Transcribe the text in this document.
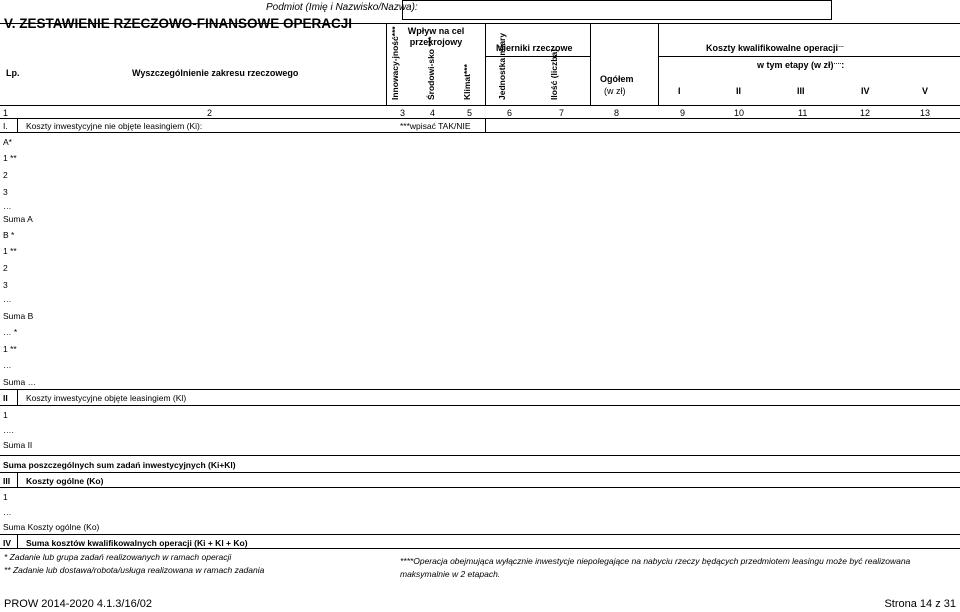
V. ZESTAWIENIE RZECZOWO-FINANSOWE OPERACJI
Podmiot (Imię i Nazwisko/Nazwa):
Lp.	Wyszczególnienie zakresu rzeczowego
Wpływ na cel przekrojowy
Innowacy-jność***	Środowi-sko ***	Klimat***
Mierniki rzeczowe
Jednostka miary	Ilość (liczba)	Ogółem
(w zł)
Koszty kwalifikowalne operacji…
w tym etapy (w zł)….:
I	II	III	IV	V
1	2	3	4	5	6	7	8	9	10	11	12	13
I. Koszty inwestycyjne nie objęte leasingiem (Ki):	***wpisać TAK/NIE
A*
1 **
2
3
…
Suma A
B *
1 **
2
3
…
Suma B
… *
1 **
…
Suma …
II Koszty inwestycyjne objęte leasingiem (Kl)
1
….
Suma II
Suma poszczególnych sum zadań inwestycyjnych (Ki+Kl)
III Koszty ogólne (Ko)
1
…
Suma Koszty ogólne (Ko)
IV Suma kosztów kwalifikowalnych operacji (Ki + Kl + Ko)
* Zadanie lub grupa zadań realizowanych w ramach operacji
** Zadanie lub dostawa/robota/usługa realizowana w ramach zadania
****Operacja obejmująca wyłącznie inwestycje niepolegające na nabyciu rzeczy będących przedmiotem leasingu może być realizowana maksymalnie w 2 etapach.
PROW 2014-2020 4.1.3/16/02	Strona 14 z 31
